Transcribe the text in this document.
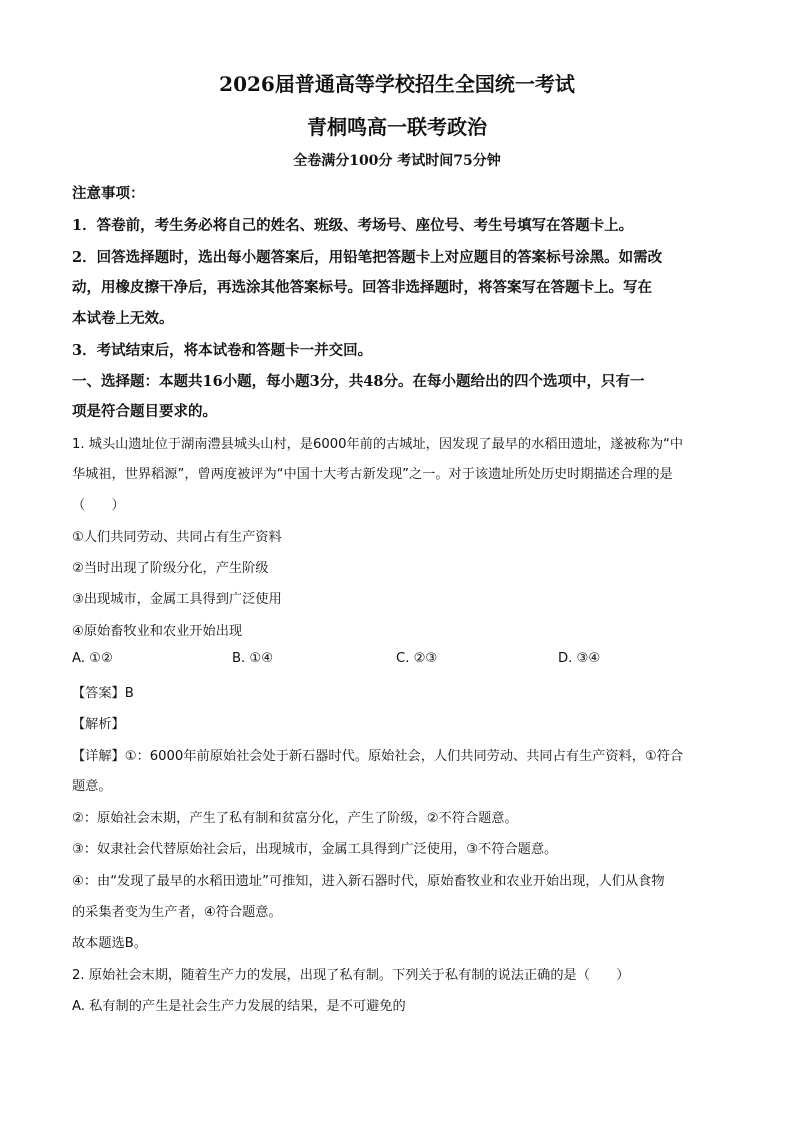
2026届普通高等学校招生全国统一考试
青桐鸣高一联考政治
全卷满分100分 考试时间75分钟
注意事项：
1．答卷前，考生务必将自己的姓名、班级、考场号、座位号、考生号填写在答题卡上。
2．回答选择题时，选出每小题答案后，用铅笔把答题卡上对应题目的答案标号涂黑。如需改
动，用橡皮擦干净后，再选涂其他答案标号。回答非选择题时，将答案写在答题卡上。写在
本试卷上无效。
3．考试结束后，将本试卷和答题卡一并交回。
一、选择题：本题共16小题，每小题3分，共48分。在每小题给出的四个选项中，只有一
项是符合题目要求的。
1. 城头山遗址位于湖南澧县城头山村，是6000年前的古城址，因发现了最早的水稻田遗址，遂被称为“中
华城祖，世界稻源”，曾两度被评为“中国十大考古新发现”之一。对于该遗址所处历史时期描述合理的是
（　　）
①人们共同劳动、共同占有生产资料
②当时出现了阶级分化，产生阶级
③出现城市，金属工具得到广泛使用
④原始畜牧业和农业开始出现
A. ①②	B. ①④	C. ②③	D. ③④
【答案】B
【解析】
【详解】①：6000年前原始社会处于新石器时代。原始社会，人们共同劳动、共同占有生产资料，①符合
题意。
②：原始社会末期，产生了私有制和贫富分化，产生了阶级，②不符合题意。
③：奴隶社会代替原始社会后，出现城市，金属工具得到广泛使用，③不符合题意。
④：由“发现了最早的水稻田遗址”可推知，进入新石器时代，原始畜牧业和农业开始出现，人们从食物
的采集者变为生产者，④符合题意。
故本题选B。
2. 原始社会末期，随着生产力的发展，出现了私有制。下列关于私有制的说法正确的是（　　）
A. 私有制的产生是社会生产力发展的结果，是不可避免的
